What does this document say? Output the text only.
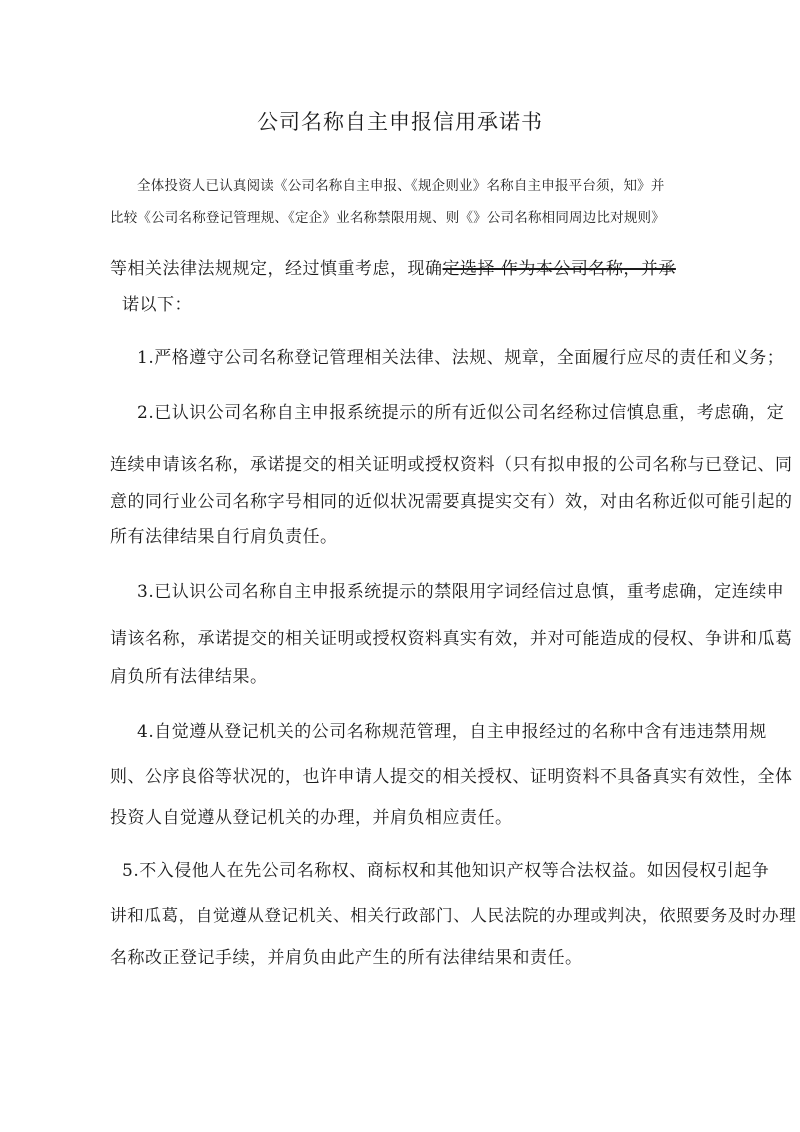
公司名称自主申报信用承诺书
全体投资人已认真阅读《公司名称自主申报、《规企则业》名称自主申报平台须，知》并
比较《公司名称登记管理规、《定企》业名称禁限用规、则《》公司名称相同周边比对规则》
等相关法律法规规定，经过慎重考虑，现确定选择 作为本公司名称，并承
诺以下：
1.严格遵守公司名称登记管理相关法律、法规、规章，全面履行应尽的责任和义务；
2.已认识公司名称自主申报系统提示的所有近似公司名经称过信慎息重，考虑确，定
连续申请该名称，承诺提交的相关证明或授权资料（只有拟申报的公司名称与已登记、同
意的同行业公司名称字号相同的近似状况需要真提实交有）效，对由名称近似可能引起的
所有法律结果自行肩负责任。
3.已认识公司名称自主申报系统提示的禁限用字词经信过息慎，重考虑确，定连续申
请该名称，承诺提交的相关证明或授权资料真实有效，并对可能造成的侵权、争讲和瓜葛
肩负所有法律结果。
4.自觉遵从登记机关的公司名称规范管理，自主申报经过的名称中含有违违禁用规
则、公序良俗等状况的，也许申请人提交的相关授权、证明资料不具备真实有效性，全体
投资人自觉遵从登记机关的办理，并肩负相应责任。
5.不入侵他人在先公司名称权、商标权和其他知识产权等合法权益。如因侵权引起争
讲和瓜葛，自觉遵从登记机关、相关行政部门、人民法院的办理或判决，依照要务及时办理
名称改正登记手续，并肩负由此产生的所有法律结果和责任。
